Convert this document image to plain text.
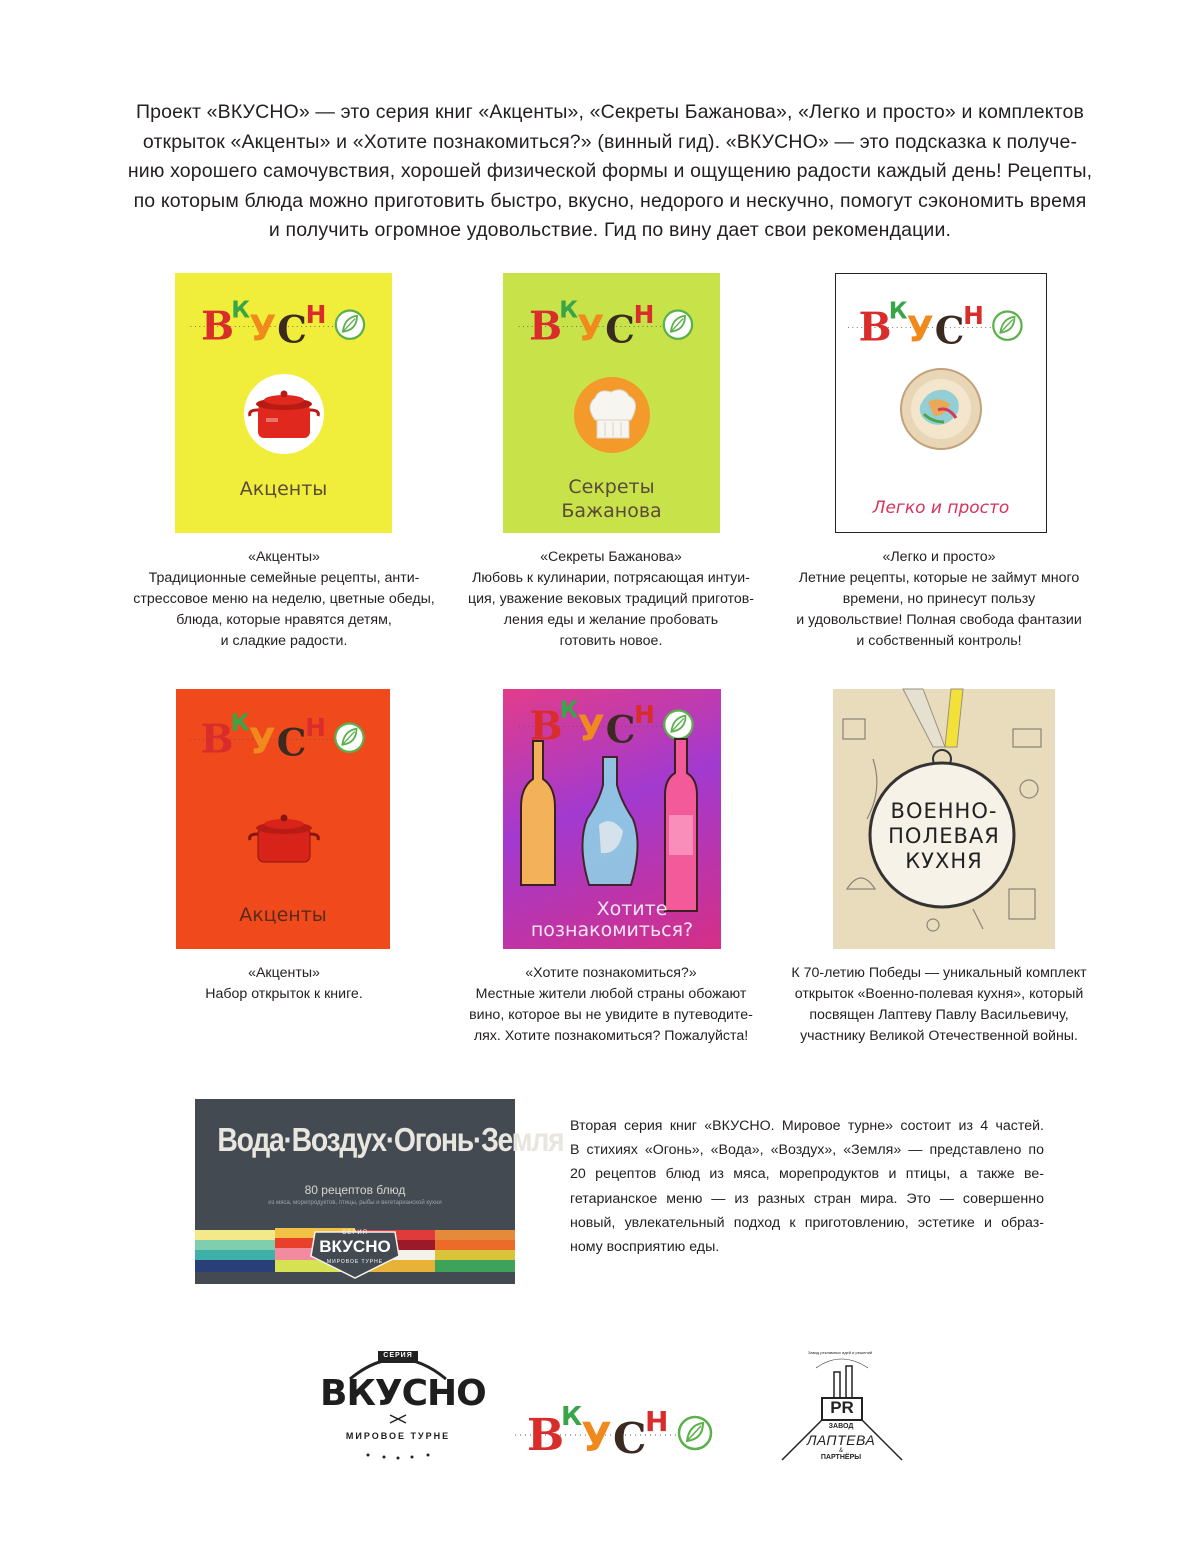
Проект «ВКУСНО» — это серия книг «Акценты», «Секреты Бажанова», «Легко и просто» и комплектов
открыток «Акценты» и «Хотите познакомиться?» (винный гид). «ВКУСНО» — это подсказка к получе-
нию хорошего самочувствия, хорошей физической формы и ощущению радости каждый день! Рецепты,
по которым блюда можно приготовить быстро, вкусно, недорого и нескучно, помогут сэкономить время
и получить огромное удовольствие. Гид по вину дает свои рекомендации.
Акценты	Секреты
Бажанова	Легко и просто
«Акценты»
Традиционные семейные рецепты, анти-
стрессовое меню на неделю, цветные обеды,
блюда, которые нравятся детям,
и сладкие радости.
«Секреты Бажанова»
Любовь к кулинарии, потрясающая интуи-
ция, уважение вековых традиций приготов-
ления еды и желание пробовать
готовить новое.
«Легко и просто»
Летние рецепты, которые не займут много
времени, но принесут пользу
и удовольствие! Полная свобода фантазии
и собственный контроль!
Акценты	Хотите
познакомиться?
ВОЕННО-
ПОЛЕВАЯ
КУХНЯ
«Акценты»
Набор открыток к книге.
«Хотите познакомиться?»
Местные жители любой страны обожают
вино, которое вы не увидите в путеводите-
лях. Хотите познакомиться? Пожалуйста!
К 70-летию Победы — уникальный комплект
открыток «Военно-полевая кухня», который
посвящен Лаптеву Павлу Васильевичу,
участнику Великой Отечественной войны.
Вода·Воздух·Огонь·Земля
80 рецептов блюд
из мяса, морепродуктов, птицы, рыбы и вегетарианской кухни
СЕРИЯ
ВКУСНО
МИРОВОЕ ТУРНЕ
Вторая серия книг «ВКУСНО. Мировое турне» состоит из 4 частей.
В стихиях «Огонь», «Вода», «Воздух», «Земля» — представлено по
20 рецептов блюд из мяса, морепродуктов и птицы, а также ве-
гетарианское меню — из разных стран мира. Это — совершенно
новый, увлекательный подход к приготовлению, эстетике и образ-
ному восприятию еды.
СЕРИЯ
ВКУСНО
МИРОВОЕ ТУРНЕ
Завод рекламных идей и решений
PR
ЗАВОД
ЛАПТЕВА
&
ПАРТНЁРЫ
